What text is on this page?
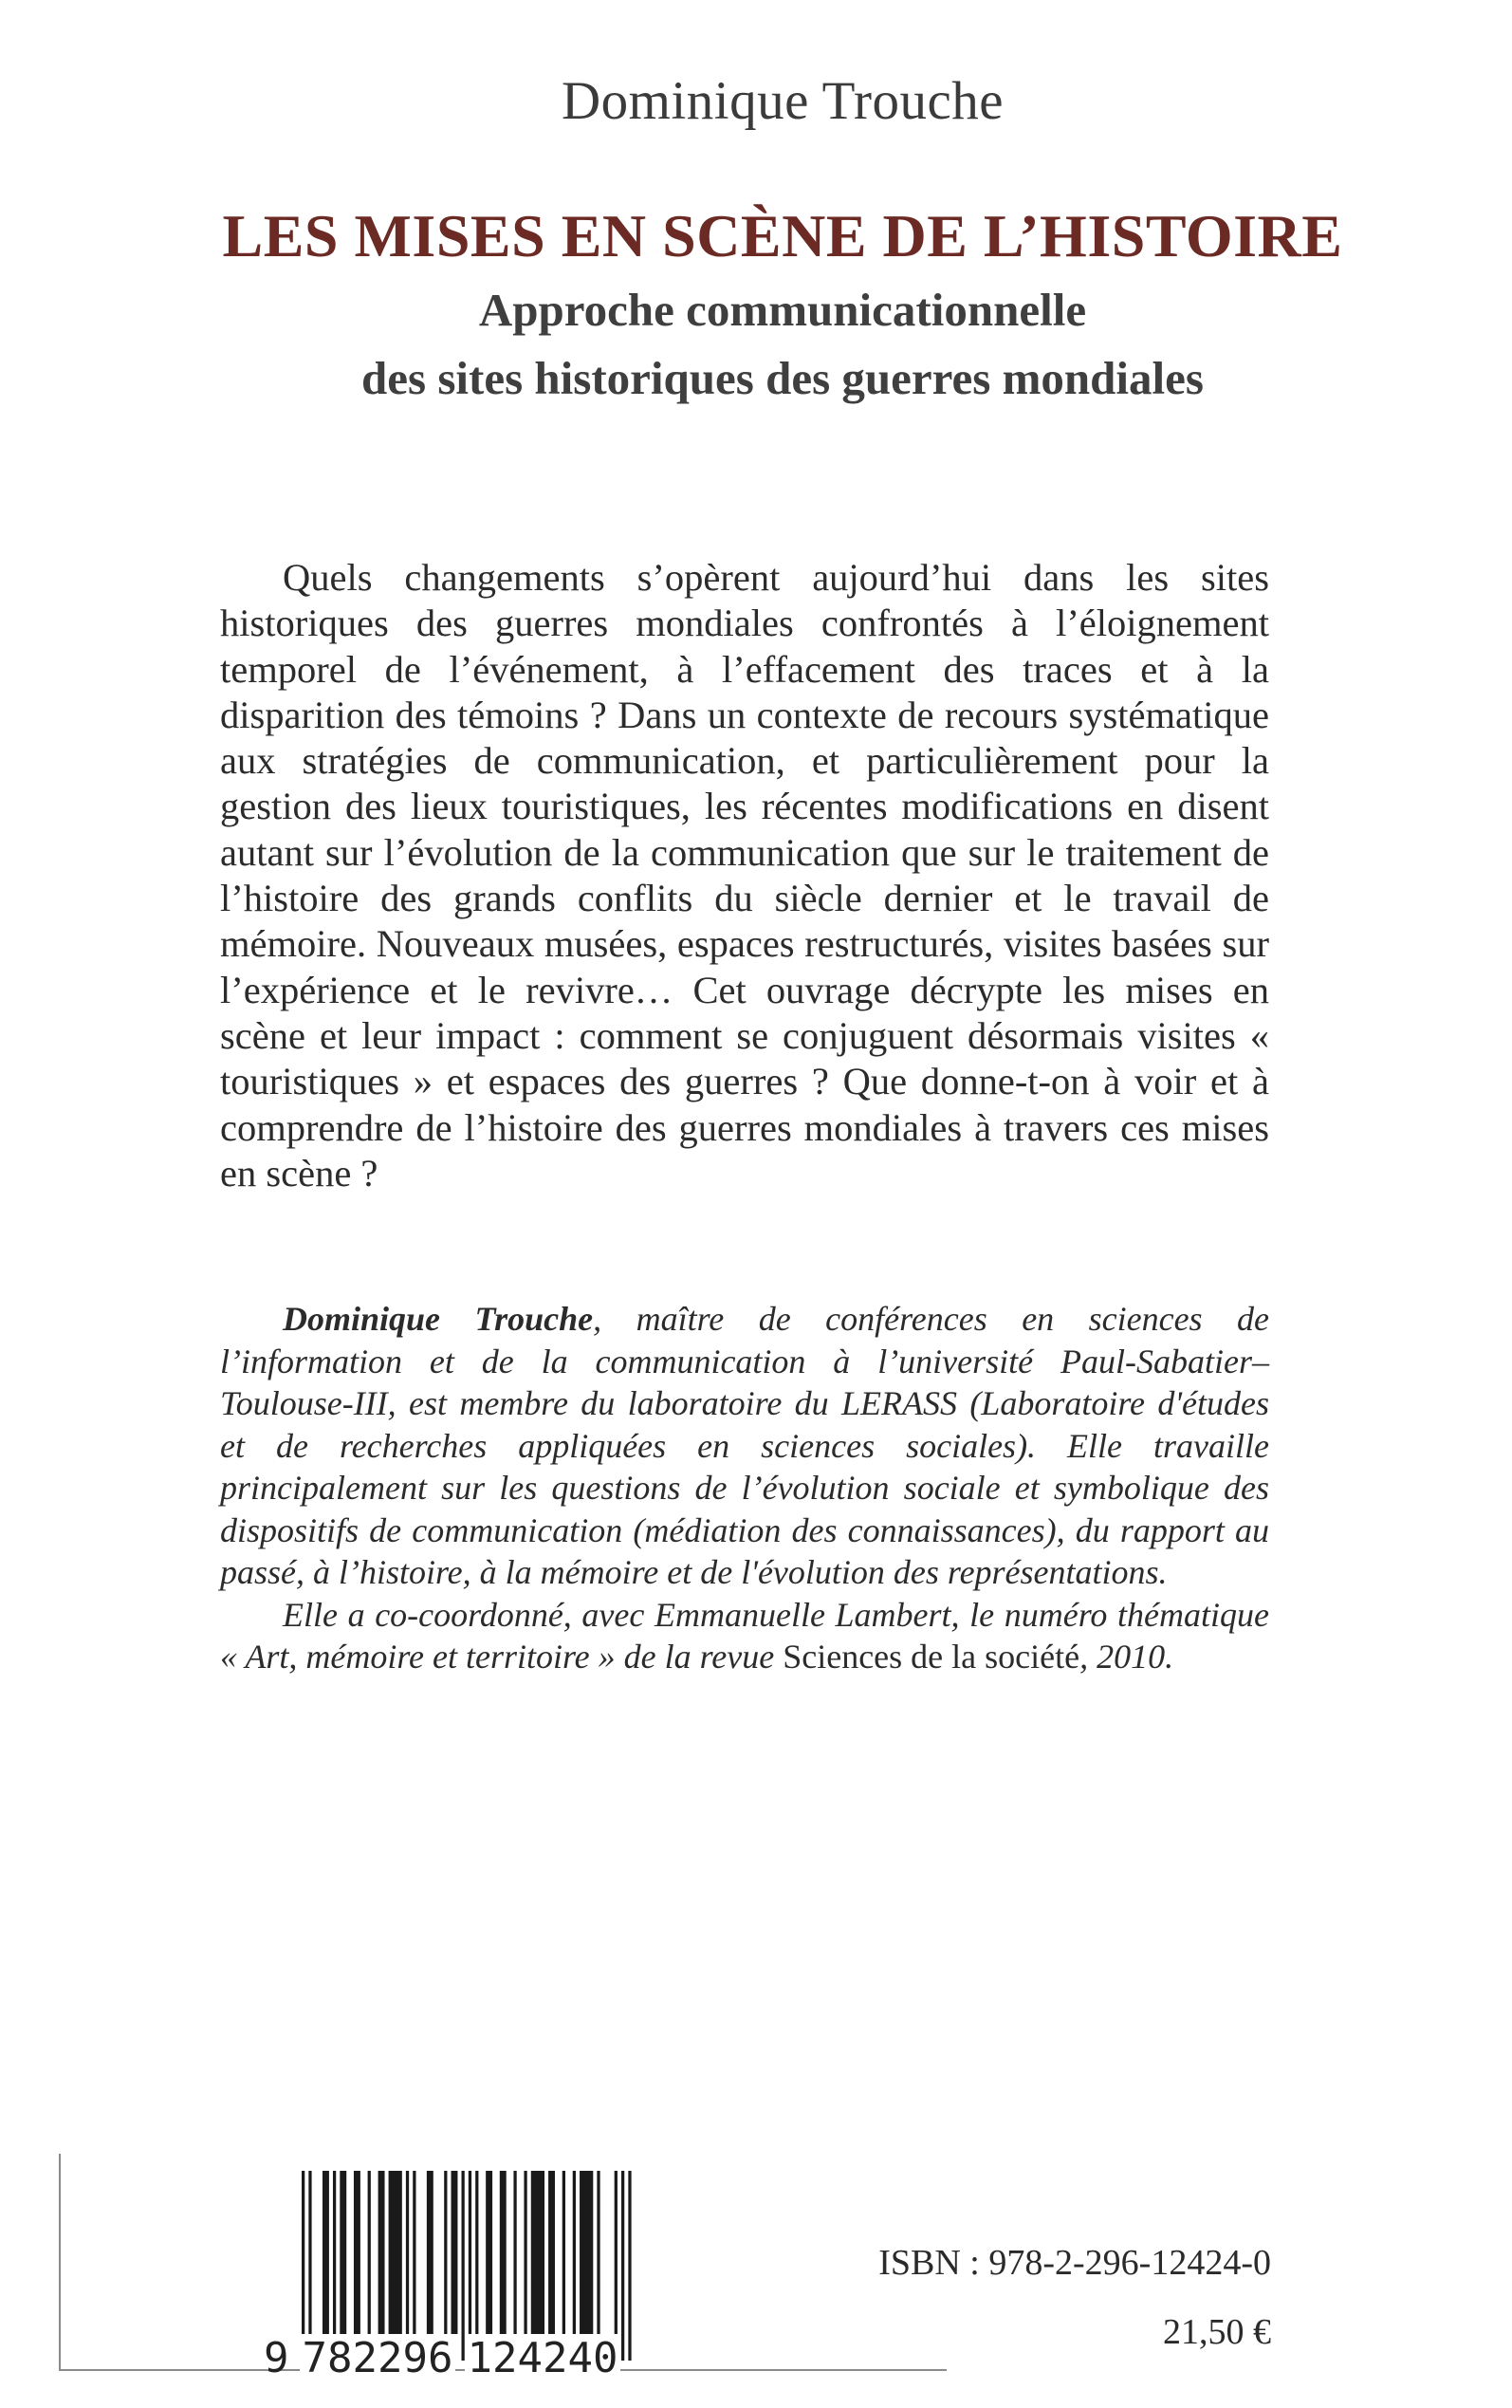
Dominique Trouche
LES MISES EN SCÈNE DE L’HISTOIRE
Approche communicationnelle
des sites historiques des guerres mondiales

Quels changements s’opèrent aujourd’hui dans les sites historiques des guerres mondiales confrontés à l’éloignement temporel de l’événement, à l’effacement des traces et à la disparition des témoins ? Dans un contexte de recours systématique aux stratégies de communication, et particulièrement pour la gestion des lieux touristiques, les récentes modifications en disent autant sur l’évolution de la communication que sur le traitement de l’histoire des grands conflits du siècle dernier et le travail de mémoire. Nouveaux musées, espaces restructurés, visites basées sur l’expérience et le revivre… Cet ouvrage décrypte les mises en scène et leur impact : comment se conjuguent désormais visites « touristiques » et espaces des guerres ? Que donne-t-on à voir et à comprendre de l’histoire des guerres mondiales à travers ces mises en scène ?

Dominique Trouche, maître de conférences en sciences de l’information et de la communication à l’université Paul-Sabatier–Toulouse-III, est membre du laboratoire du LERASS (Laboratoire d'études et de recherches appliquées en sciences sociales). Elle travaille principalement sur les questions de l’évolution sociale et symbolique des dispositifs de communication (médiation des connaissances), du rapport au passé, à l’histoire, à la mémoire et de l'évolution des représentations.

Elle a co-coordonné, avec Emmanuelle Lambert, le numéro thématique « Art, mémoire et territoire » de la revue Sciences de la société, 2010.

9 782296 124240
ISBN : 978-2-296-12424-0
21,50 €
